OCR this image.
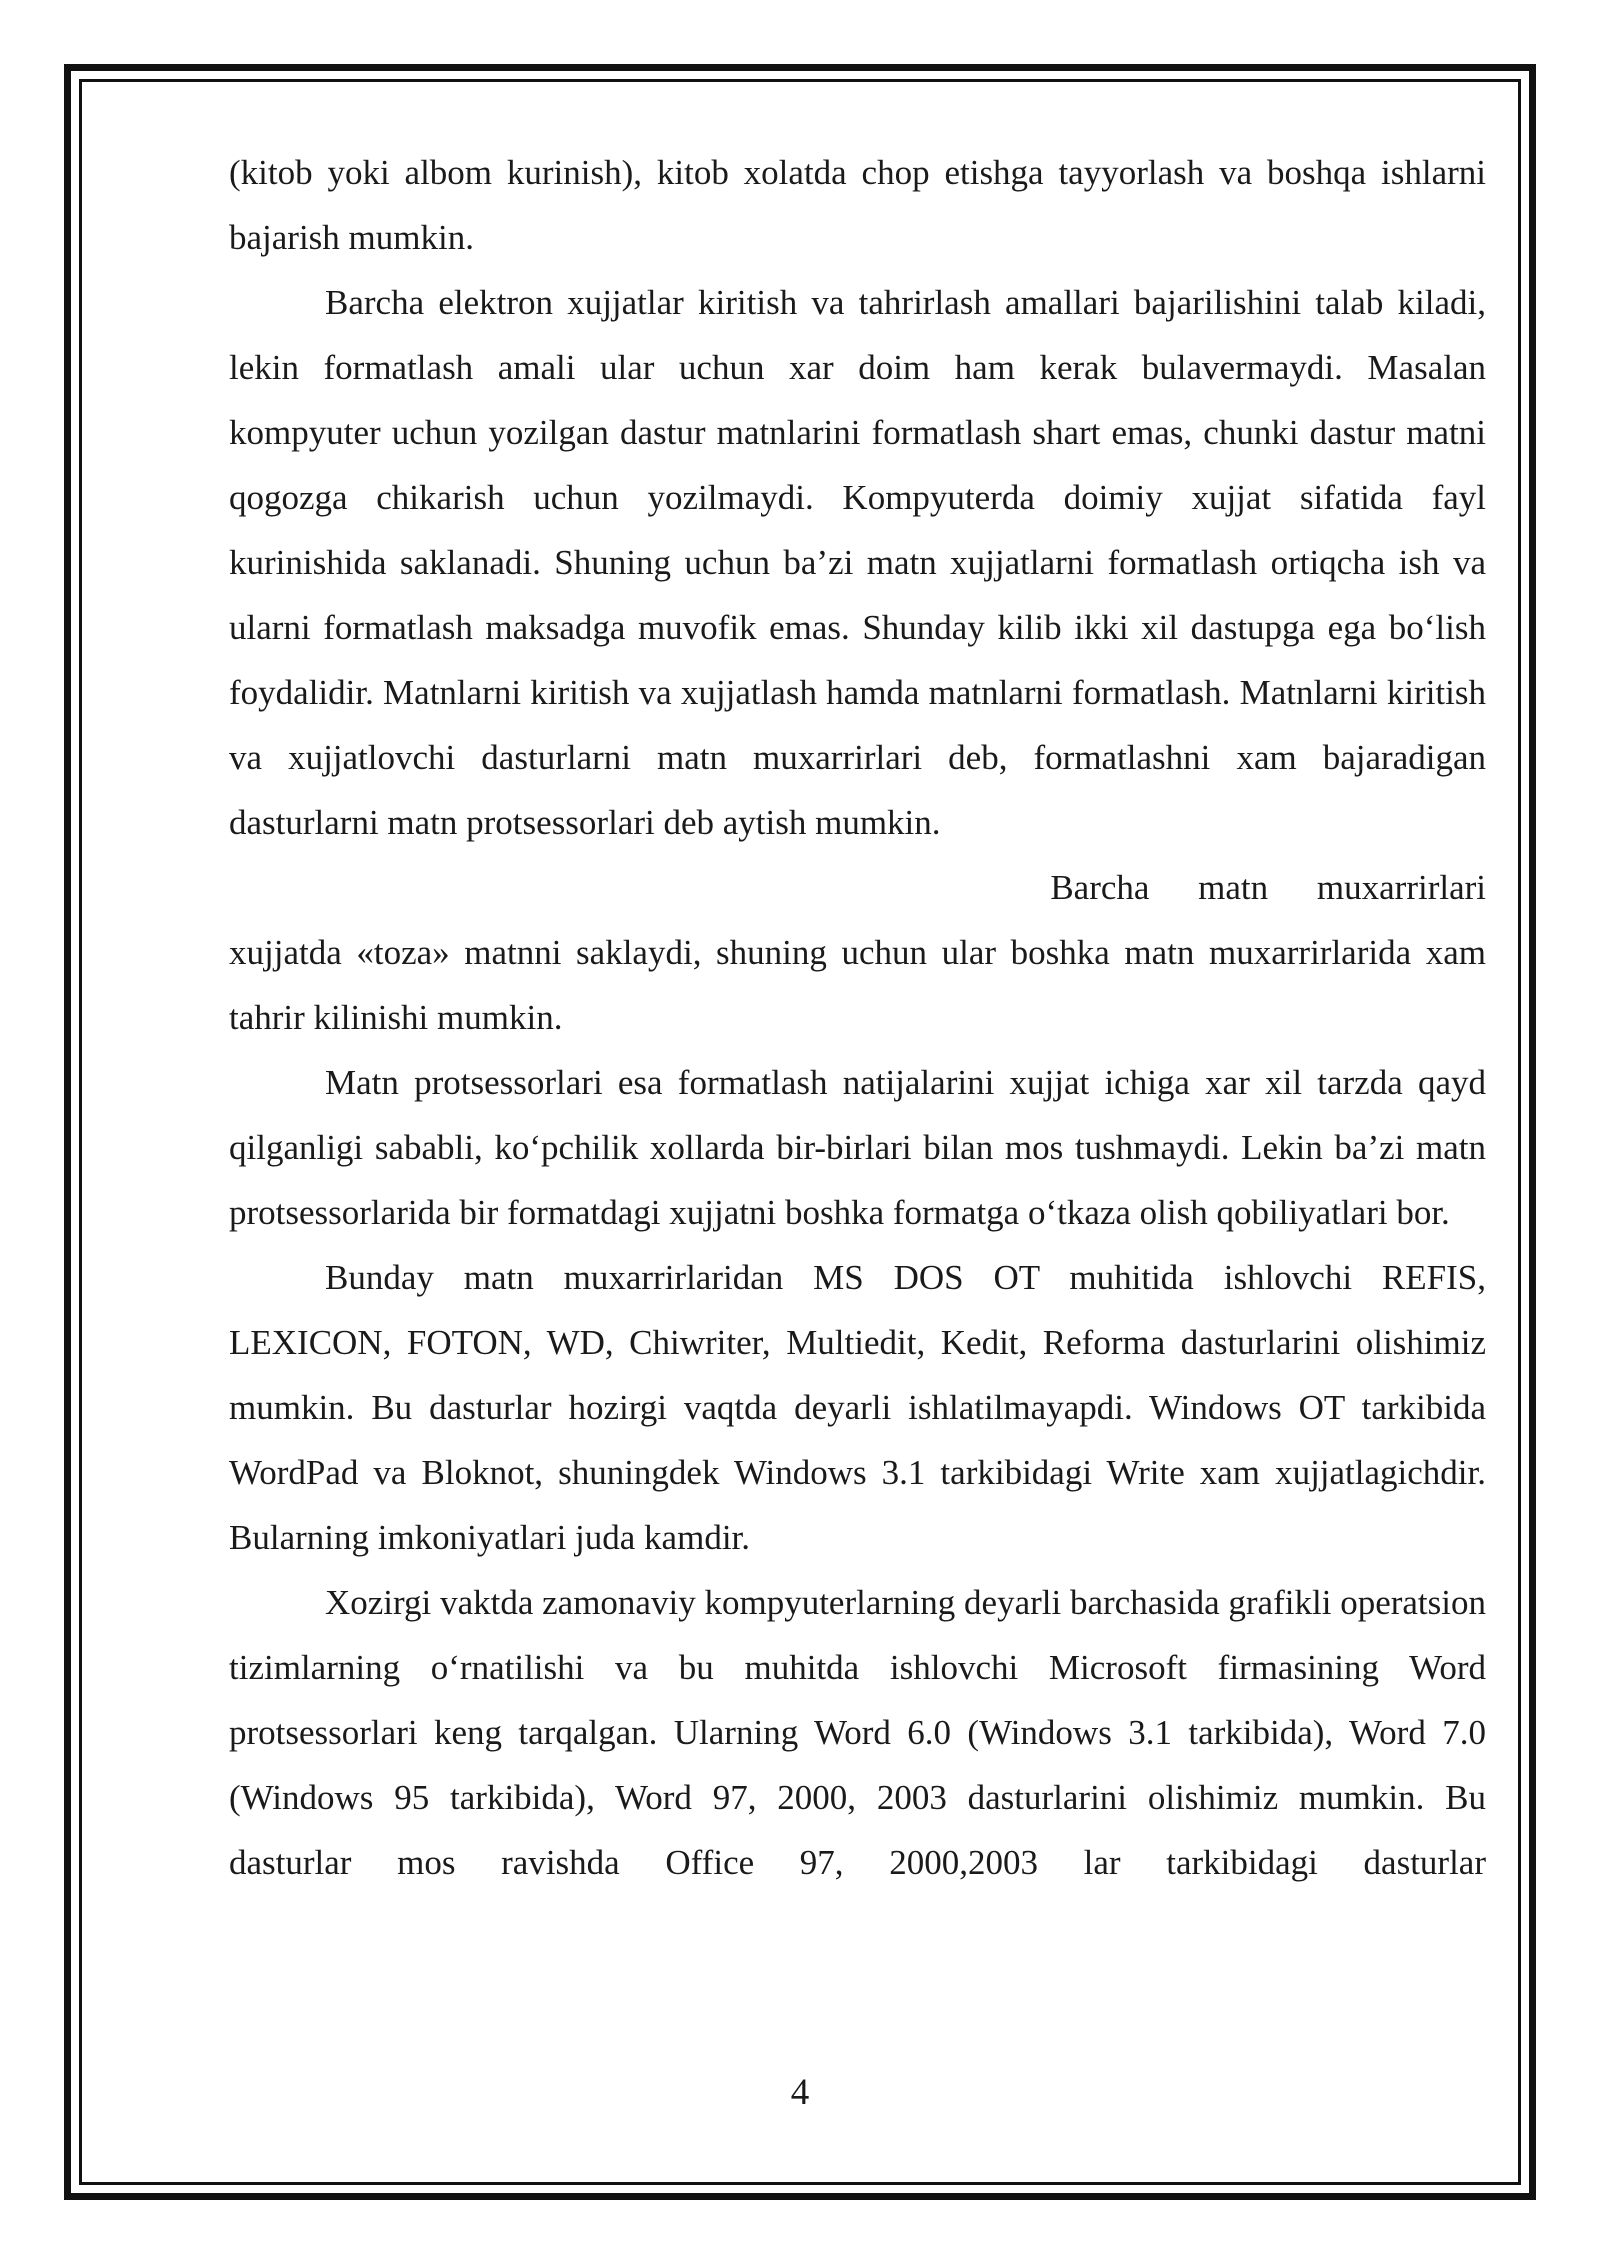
(kitob yoki albom kurinish), kitob xolatda chop etishga tayyorlash va boshqa ishlarni bajarish mumkin.

Barcha elektron xujjatlar kiritish va tahrirlash amallari bajarilishini talab kiladi, lekin formatlash amali ular uchun xar doim ham kerak bulavermaydi. Masalan kompyuter uchun yozilgan dastur matnlarini formatlash shart emas, chunki dastur matni qogozga chikarish uchun yozilmaydi. Kompyuterda doimiy xujjat sifatida fayl kurinishida saklanadi. Shuning uchun ba’zi matn xujjatlarni formatlash ortiqcha ish va ularni formatlash maksadga muvofik emas. Shunday kilib ikki xil dastupga ega bo‘lish foydalidir. Matnlarni kiritish va xujjatlash hamda matnlarni formatlash. Matnlarni kiritish va xujjatlovchi dasturlarni matn muxarrirlari deb, formatlashni xam bajaradigan dasturlarni matn protsessorlari deb aytish mumkin.

Barcha matn muxarrirlari

xujjatda «toza» matnni saklaydi, shuning uchun ular boshka matn muxarrirlarida xam tahrir kilinishi mumkin.

Matn protsessorlari esa formatlash natijalarini xujjat ichiga xar xil tarzda qayd qilganligi sababli, ko‘pchilik xollarda bir-birlari bilan mos tushmaydi. Lekin ba’zi matn protsessorlarida bir formatdagi xujjatni boshka formatga o‘tkaza olish qobiliyatlari bor.

Bunday matn muxarrirlaridan MS DOS OT muhitida ishlovchi REFIS, LEXICON, FOTON, WD, Chiwriter, Multiedit, Kedit, Reforma dasturlarini olishimiz mumkin. Bu dasturlar hozirgi vaqtda deyarli ishlatilmayapdi. Windows OT tarkibida WordPad va Bloknot, shuningdek Windows 3.1 tarkibidagi Write xam xujjatlagichdir. Bularning imkoniyatlari juda kamdir.

Xozirgi vaktda zamonaviy kompyuterlarning deyarli barchasida grafikli operatsion tizimlarning o‘rnatilishi va bu muhitda ishlovchi Microsoft firmasining Word protsessorlari keng tarqalgan. Ularning Word 6.0 (Windows 3.1 tarkibida), Word 7.0 (Windows 95 tarkibida), Word 97, 2000, 2003 dasturlarini olishimiz mumkin. Bu dasturlar mos ravishda Office 97, 2000,2003 lar tarkibidagi dasturlar

4
